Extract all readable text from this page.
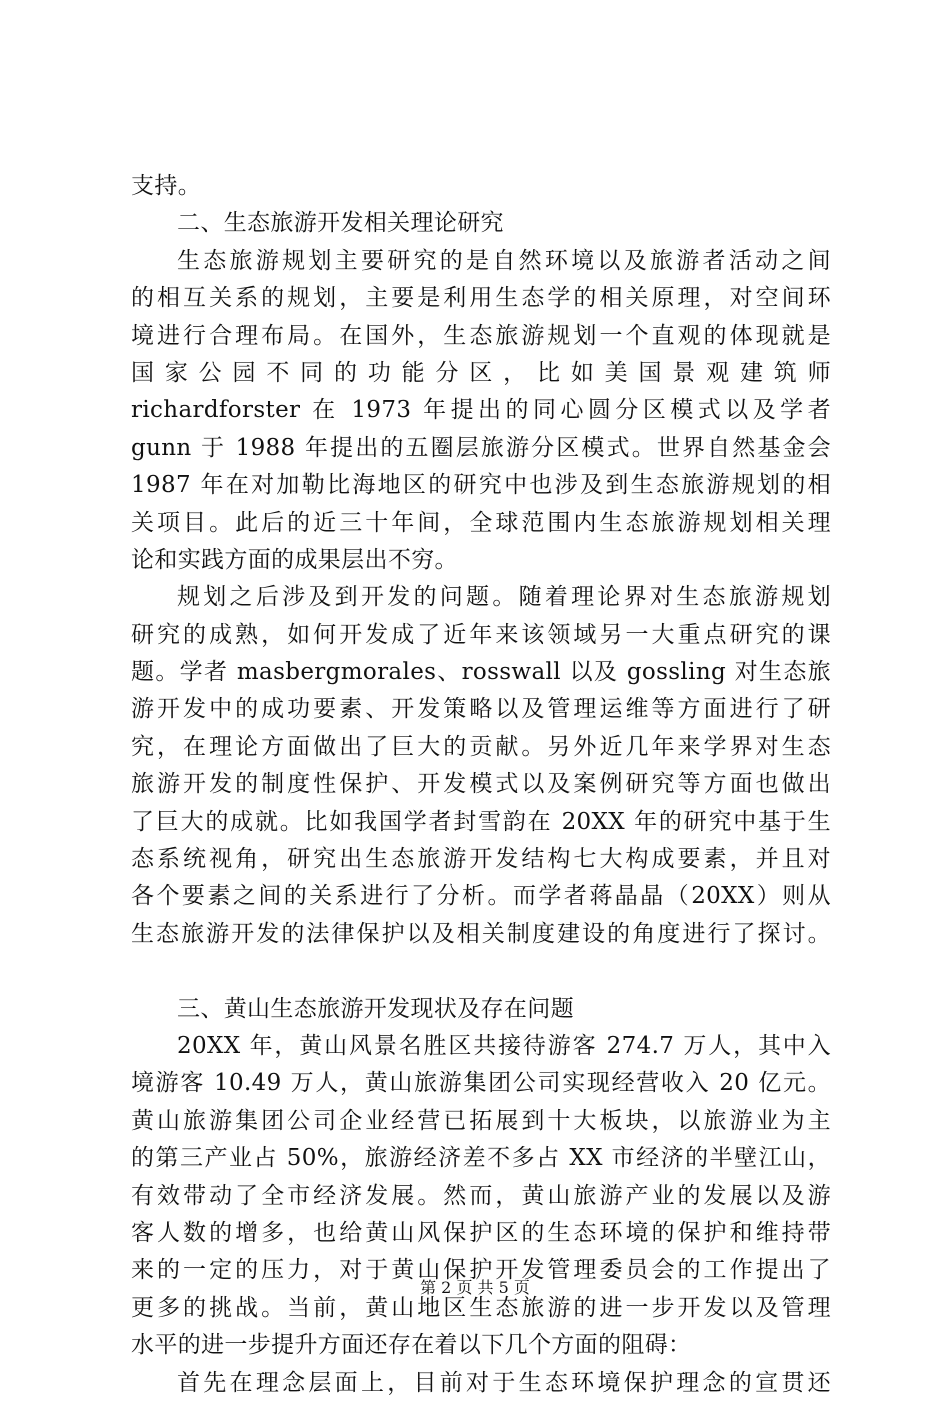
支持。
二、生态旅游开发相关理论研究
生态旅游规划主要研究的是自然环境以及旅游者活动之间
的相互关系的规划，主要是利用生态学的相关原理，对空间环
境进行合理布局。在国外，生态旅游规划一个直观的体现就是
国家公园不同的功能分区，比如美国景观建筑师
richardforster 在 1973 年提出的同心圆分区模式以及学者
gunn 于 1988 年提出的五圈层旅游分区模式。世界自然基金会
1987 年在对加勒比海地区的研究中也涉及到生态旅游规划的相
关项目。此后的近三十年间，全球范围内生态旅游规划相关理
论和实践方面的成果层出不穷。
规划之后涉及到开发的问题。随着理论界对生态旅游规划
研究的成熟，如何开发成了近年来该领域另一大重点研究的课
题。学者 masbergmorales、rosswall 以及 gossling 对生态旅
游开发中的成功要素、开发策略以及管理运维等方面进行了研
究，在理论方面做出了巨大的贡献。另外近几年来学界对生态
旅游开发的制度性保护、开发模式以及案例研究等方面也做出
了巨大的成就。比如我国学者封雪韵在 20XX 年的研究中基于生
态系统视角，研究出生态旅游开发结构七大构成要素，并且对
各个要素之间的关系进行了分析。而学者蒋晶晶（20XX）则从
生态旅游开发的法律保护以及相关制度建设的角度进行了探讨。
三、黄山生态旅游开发现状及存在问题
20XX 年，黄山风景名胜区共接待游客 274.7 万人，其中入
境游客 10.49 万人，黄山旅游集团公司实现经营收入 20 亿元。
黄山旅游集团公司企业经营已拓展到十大板块，以旅游业为主
的第三产业占 50%，旅游经济差不多占 XX 市经济的半壁江山，
有效带动了全市经济发展。然而，黄山旅游产业的发展以及游
客人数的增多，也给黄山风保护区的生态环境的保护和维持带
来的一定的压力，对于黄山保护开发管理委员会的工作提出了
更多的挑战。当前，黄山地区生态旅游的进一步开发以及管理
水平的进一步提升方面还存在着以下几个方面的阻碍：
首先在理念层面上，目前对于生态环境保护理念的宣贯还
第 2 页 共 5 页
